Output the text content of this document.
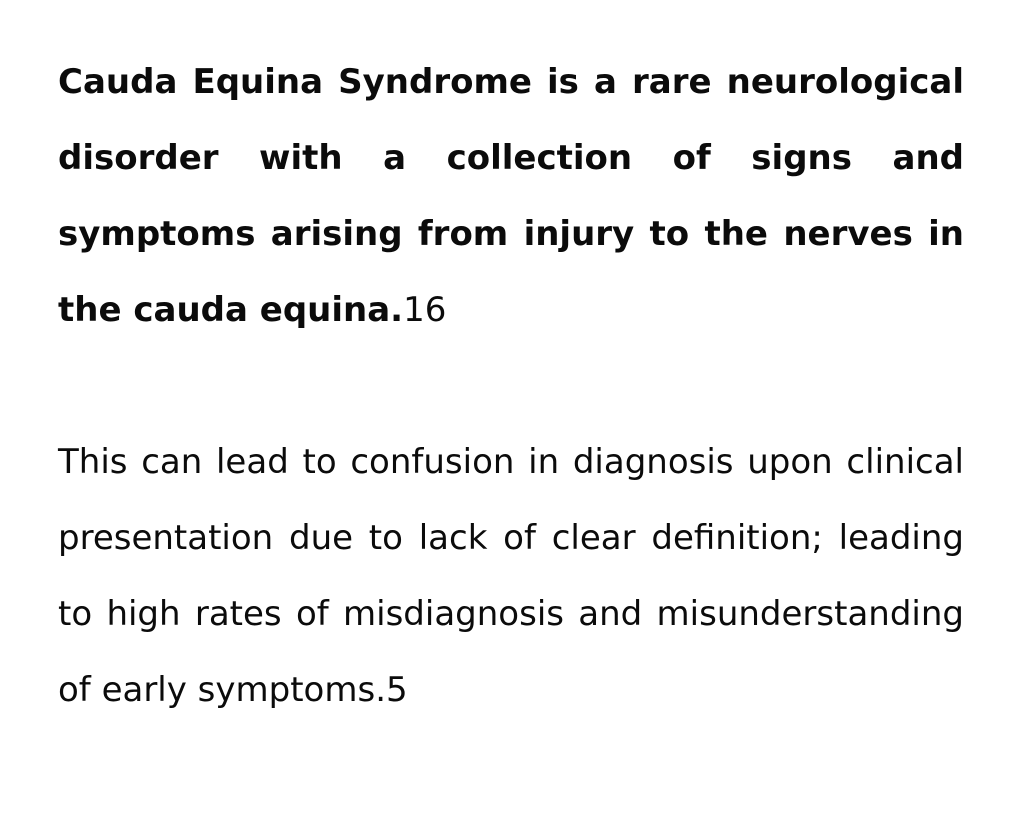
Cauda Equina Syndrome is a rare neurological disorder with a collection of signs and symptoms arising from injury to the nerves in the cauda equina.16

This can lead to confusion in diagnosis upon clinical presentation due to lack of clear definition; leading to high rates of misdiagnosis and misunderstanding of early symptoms.5
